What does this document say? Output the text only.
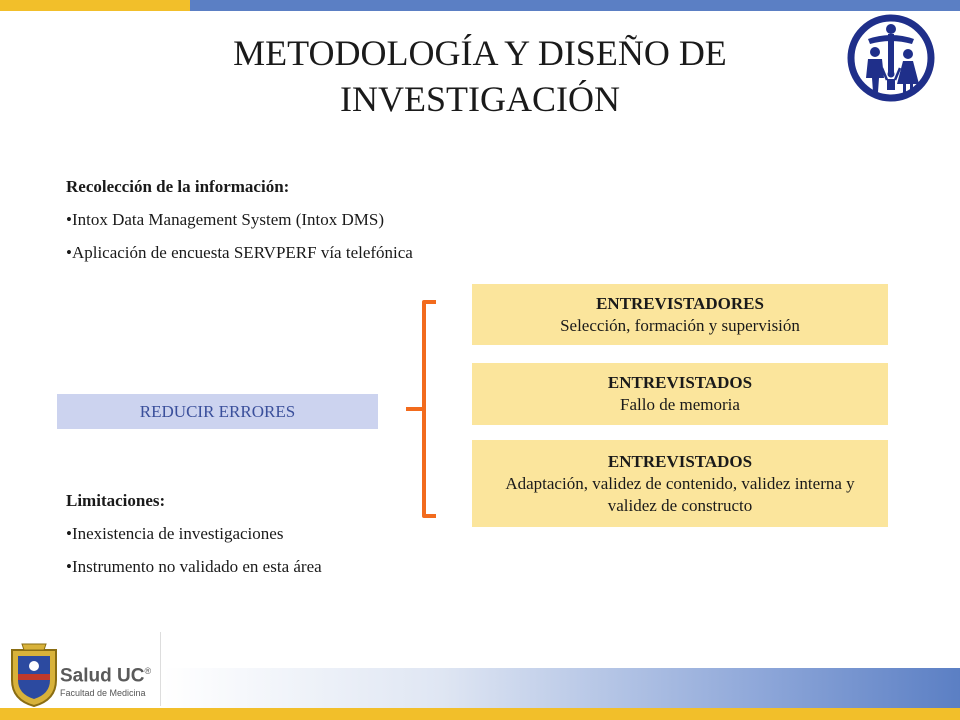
METODOLOGÍA Y DISEÑO DE
INVESTIGACIÓN
Recolección de la información:
•Intox Data Management System (Intox DMS)
•Aplicación de encuesta SERVPERF vía telefónica
REDUCIR ERRORES
ENTREVISTADORES
Selección, formación y supervisión
ENTREVISTADOS
Fallo de memoria
ENTREVISTADOS
Adaptación, validez de contenido, validez interna y validez de constructo
Limitaciones:
•Inexistencia de investigaciones
•Instrumento no validado en esta área
Salud UC®
Facultad de Medicina
